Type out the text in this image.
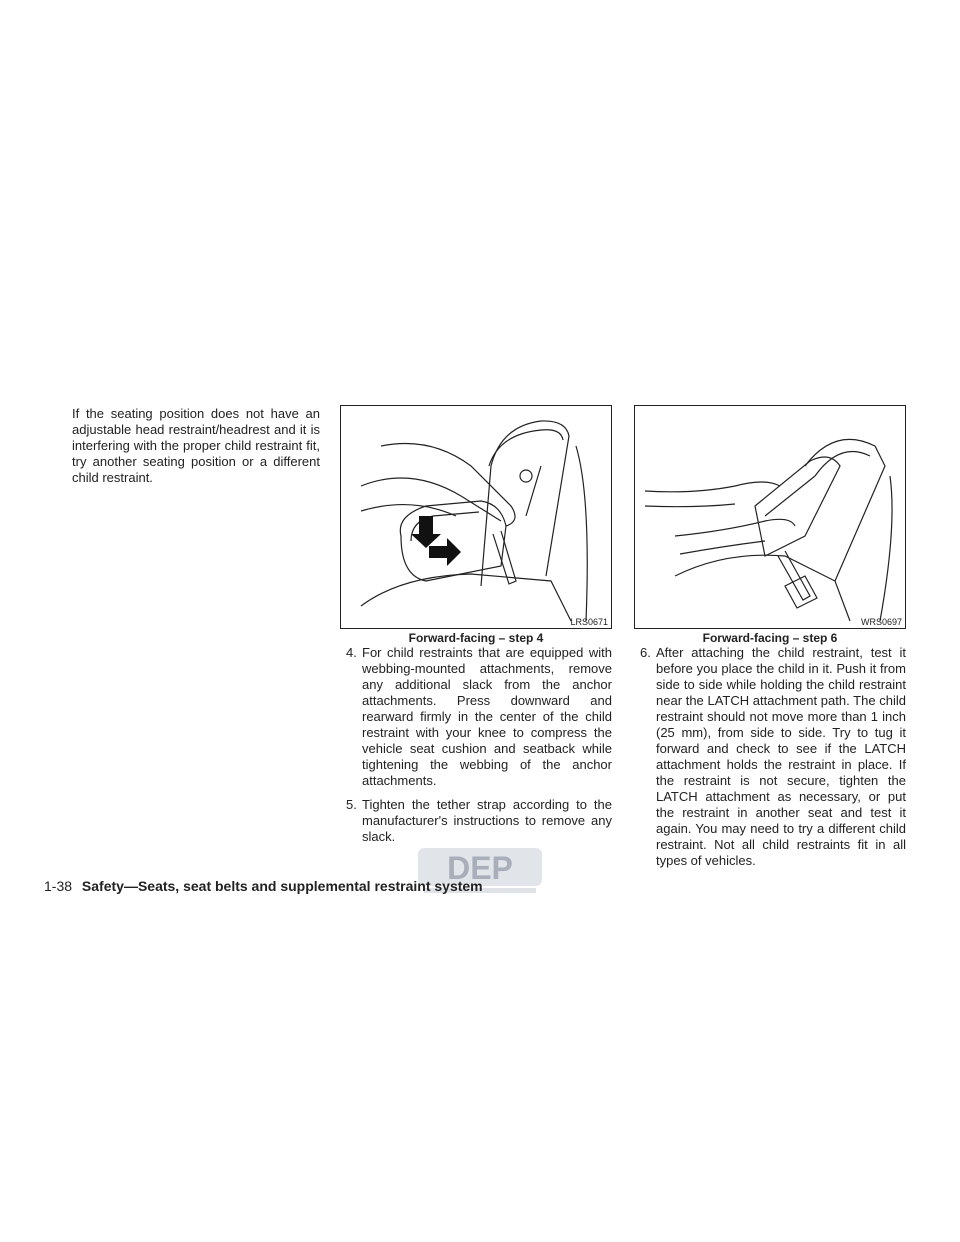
If the seating position does not have an adjustable head restraint/headrest and it is interfering with the proper child restraint fit, try another seating position or a different child restraint.

LRS0671
Forward-facing – step 4
4. For child restraints that are equipped with webbing-mounted attachments, remove any additional slack from the anchor attachments. Press downward and rearward firmly in the center of the child restraint with your knee to compress the vehicle seat cushion and seatback while tightening the webbing of the anchor attachments.
5. Tighten the tether strap according to the manufacturer's instructions to remove any slack.
WRS0697
Forward-facing – step 6
6. After attaching the child restraint, test it before you place the child in it. Push it from side to side while holding the child restraint near the LATCH attachment path. The child restraint should not move more than 1 inch (25 mm), from side to side. Try to tug it forward and check to see if the LATCH attachment holds the restraint in place. If the restraint is not secure, tighten the LATCH attachment as necessary, or put the restraint in another seat and test it again. You may need to try a different child restraint. Not all child restraints fit in all types of vehicles.
DEP
1-38 Safety—Seats, seat belts and supplemental restraint system
